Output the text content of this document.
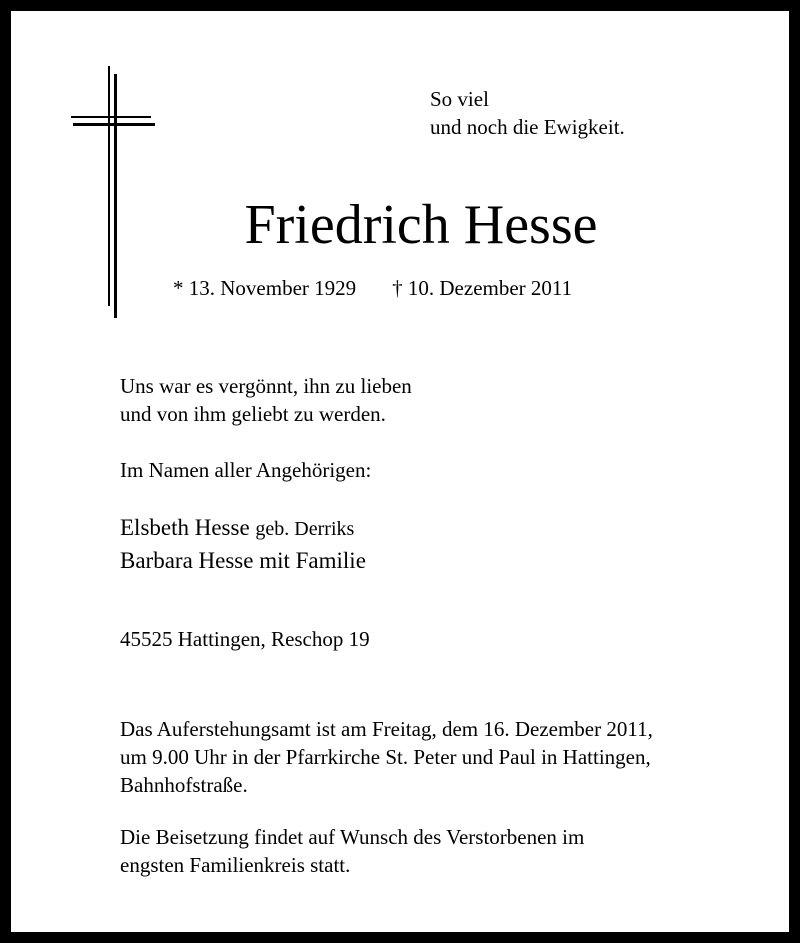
So viel
und noch die Ewigkeit.
Friedrich Hesse
* 13. November 1929 † 10. Dezember 2011
Uns war es vergönnt, ihn zu lieben
und von ihm geliebt zu werden.
Im Namen aller Angehörigen:
Elsbeth Hesse geb. Derriks
Barbara Hesse mit Familie
45525 Hattingen, Reschop 19
Das Auferstehungsamt ist am Freitag, dem 16. Dezember 2011,
um 9.00 Uhr in der Pfarrkirche St. Peter und Paul in Hattingen,
Bahnhofstraße.
Die Beisetzung findet auf Wunsch des Verstorbenen im
engsten Familienkreis statt.
